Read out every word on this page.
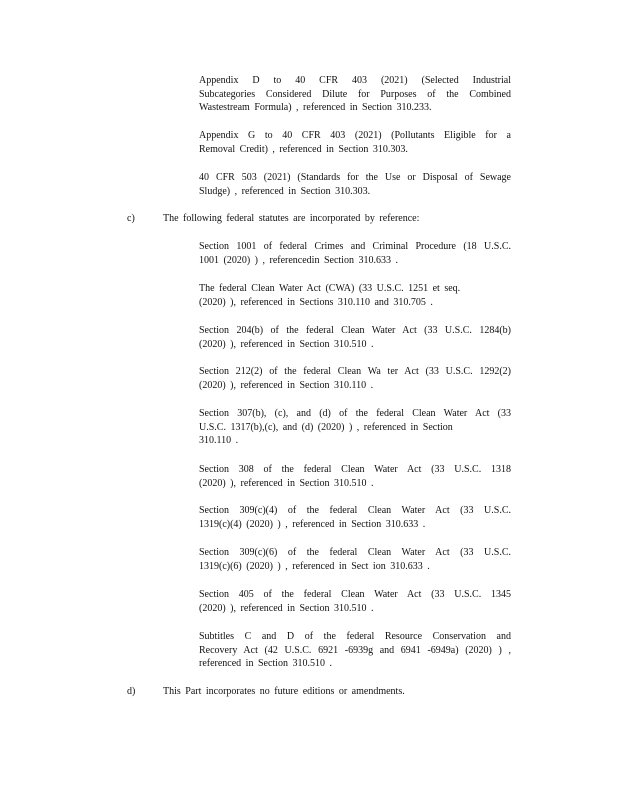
Appendix D to 40 CFR 403 (2021) (Selected Industrial
Subcategories Considered Dilute for Purposes of the Combined
Wastestream Formula) , referenced in Section 310.233.
Appendix G to 40 CFR 403 (2021) (Pollutants Eligible for a
Removal Credit) , referenced in Section 310.303.
40 CFR 503 (2021) (Standards for the Use or Disposal of Sewage
Sludge) , referenced in Section 310.303.
c)	The following federal statutes are incorporated by reference:
Section 1001 of federal Crimes and Criminal Procedure (18 U.S.C.
1001 (2020) ) , referencedin Section 310.633 .
The federal Clean Water Act (CWA) (33 U.S.C. 1251 et seq.
(2020) ), referenced in Sections 310.110 and 310.705 .
Section 204(b) of the federal Clean Water Act (33 U.S.C. 1284(b)
(2020) ), referenced in Section 310.510 .
Section 212(2) of the federal Clean Wa ter Act (33 U.S.C. 1292(2)
(2020) ), referenced in Section 310.110 .
Section 307(b), (c), and (d) of the federal Clean Water Act (33
U.S.C. 1317(b),(c), and (d) (2020) ) , referenced in Section
310.110 .
Section 308 of the federal Clean Water Act (33 U.S.C. 1318
(2020) ), referenced in Section 310.510 .
Section 309(c)(4) of the federal Clean Water Act (33 U.S.C.
1319(c)(4) (2020) ) , referenced in Section 310.633 .
Section 309(c)(6) of the federal Clean Water Act (33 U.S.C.
1319(c)(6) (2020) ) , referenced in Sect ion 310.633 .
Section 405 of the federal Clean Water Act (33 U.S.C. 1345
(2020) ), referenced in Section 310.510 .
Subtitles C and D of the federal Resource Conservation and
Recovery Act (42 U.S.C. 6921 -6939g and 6941 -6949a) (2020) ) ,
referenced in Section 310.510 .
d)	This Part incorporates no future editions or amendments.
